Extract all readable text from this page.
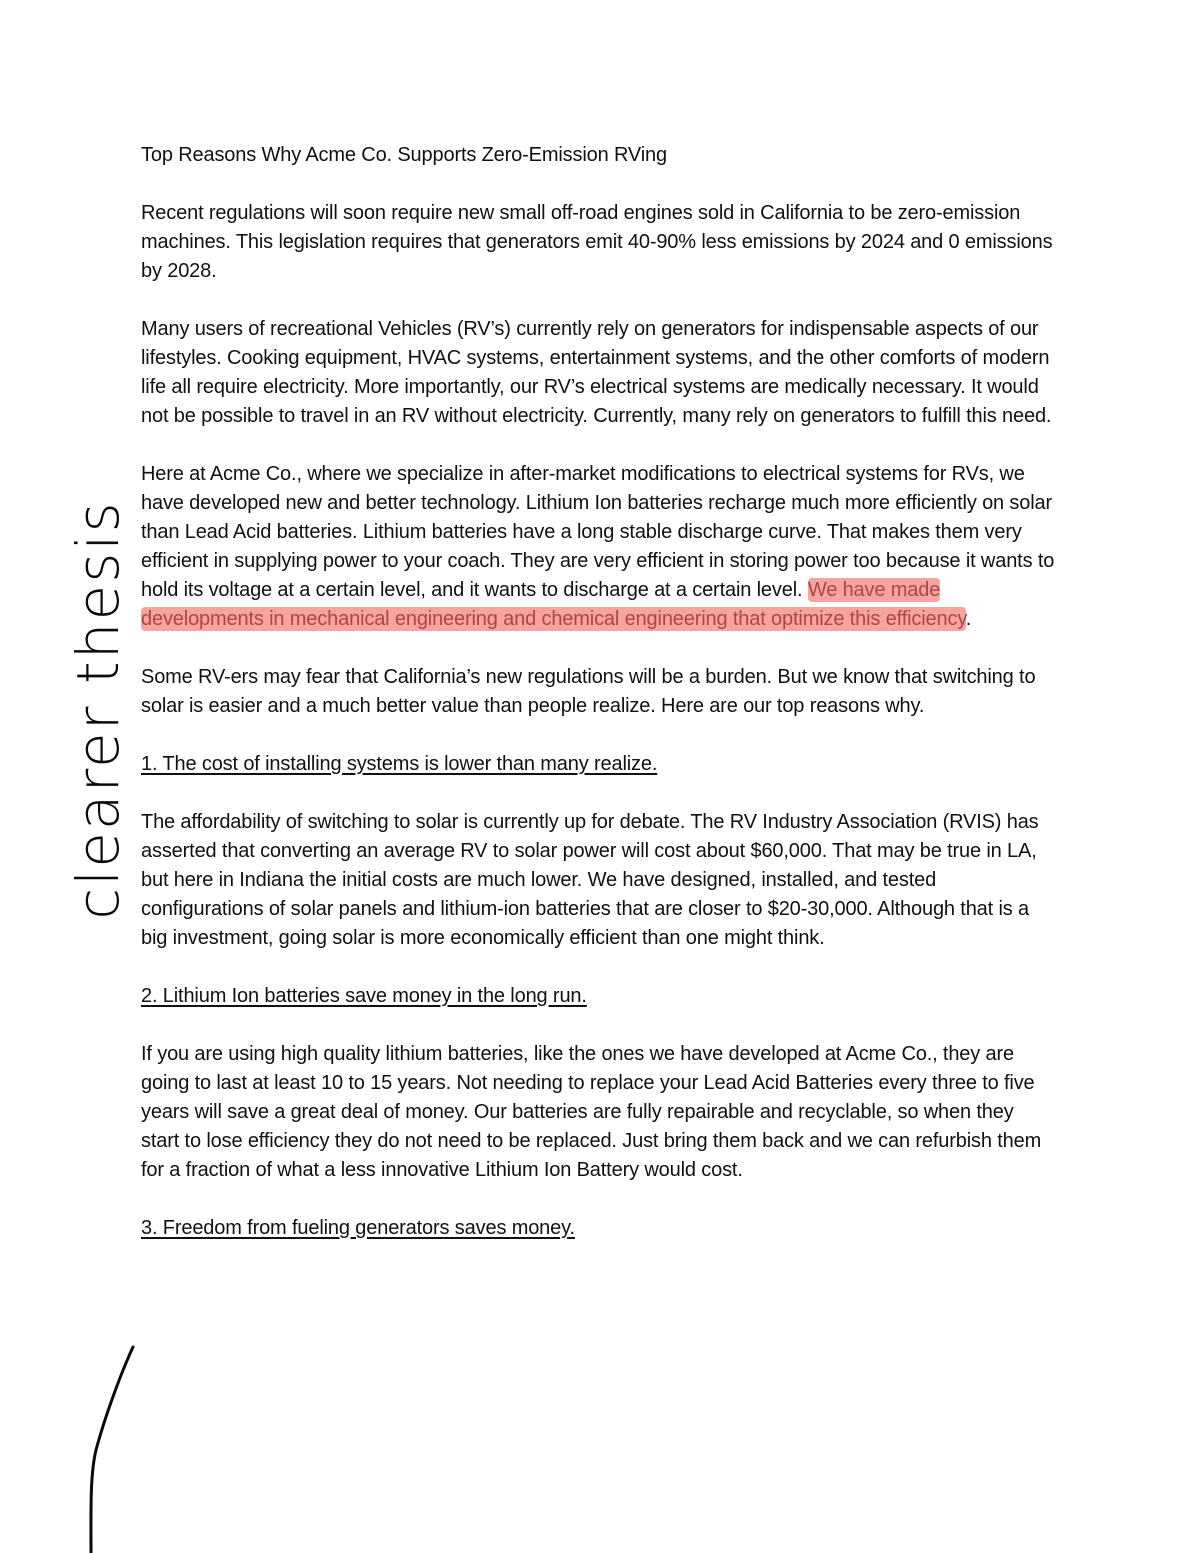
Top Reasons Why Acme Co. Supports Zero-Emission RVing

Recent regulations will soon require new small off-road engines sold in California to be zero-emission machines. This legislation requires that generators emit 40-90% less emissions by 2024 and 0 emissions by 2028.

Many users of recreational Vehicles (RV’s) currently rely on generators for indispensable aspects of our lifestyles. Cooking equipment, HVAC systems, entertainment systems, and the other comforts of modern life all require electricity. More importantly, our RV’s electrical systems are medically necessary. It would not be possible to travel in an RV without electricity. Currently, many rely on generators to fulfill this need.

Here at Acme Co., where we specialize in after-market modifications to electrical systems for RVs, we have developed new and better technology. Lithium Ion batteries recharge much more efficiently on solar than Lead Acid batteries. Lithium batteries have a long stable discharge curve. That makes them very efficient in supplying power to your coach. They are very efficient in storing power too because it wants to hold its voltage at a certain level, and it wants to discharge at a certain level. We have made developments in mechanical engineering and chemical engineering that optimize this efficiency.

Some RV-ers may fear that California’s new regulations will be a burden. But we know that switching to solar is easier and a much better value than people realize. Here are our top reasons why.

1. The cost of installing systems is lower than many realize.

The affordability of switching to solar is currently up for debate. The RV Industry Association (RVIS) has asserted that converting an average RV to solar power will cost about $60,000. That may be true in LA, but here in Indiana the initial costs are much lower. We have designed, installed, and tested configurations of solar panels and lithium-ion batteries that are closer to $20-30,000. Although that is a big investment, going solar is more economically efficient than one might think.

2. Lithium Ion batteries save money in the long run.

If you are using high quality lithium batteries, like the ones we have developed at Acme Co., they are going to last at least 10 to 15 years. Not needing to replace your Lead Acid Batteries every three to five years will save a great deal of money. Our batteries are fully repairable and recyclable, so when they start to lose efficiency they do not need to be replaced. Just bring them back and we can refurbish them for a fraction of what a less innovative Lithium Ion Battery would cost.

3. Freedom from fueling generators saves money.

clearer thesis
